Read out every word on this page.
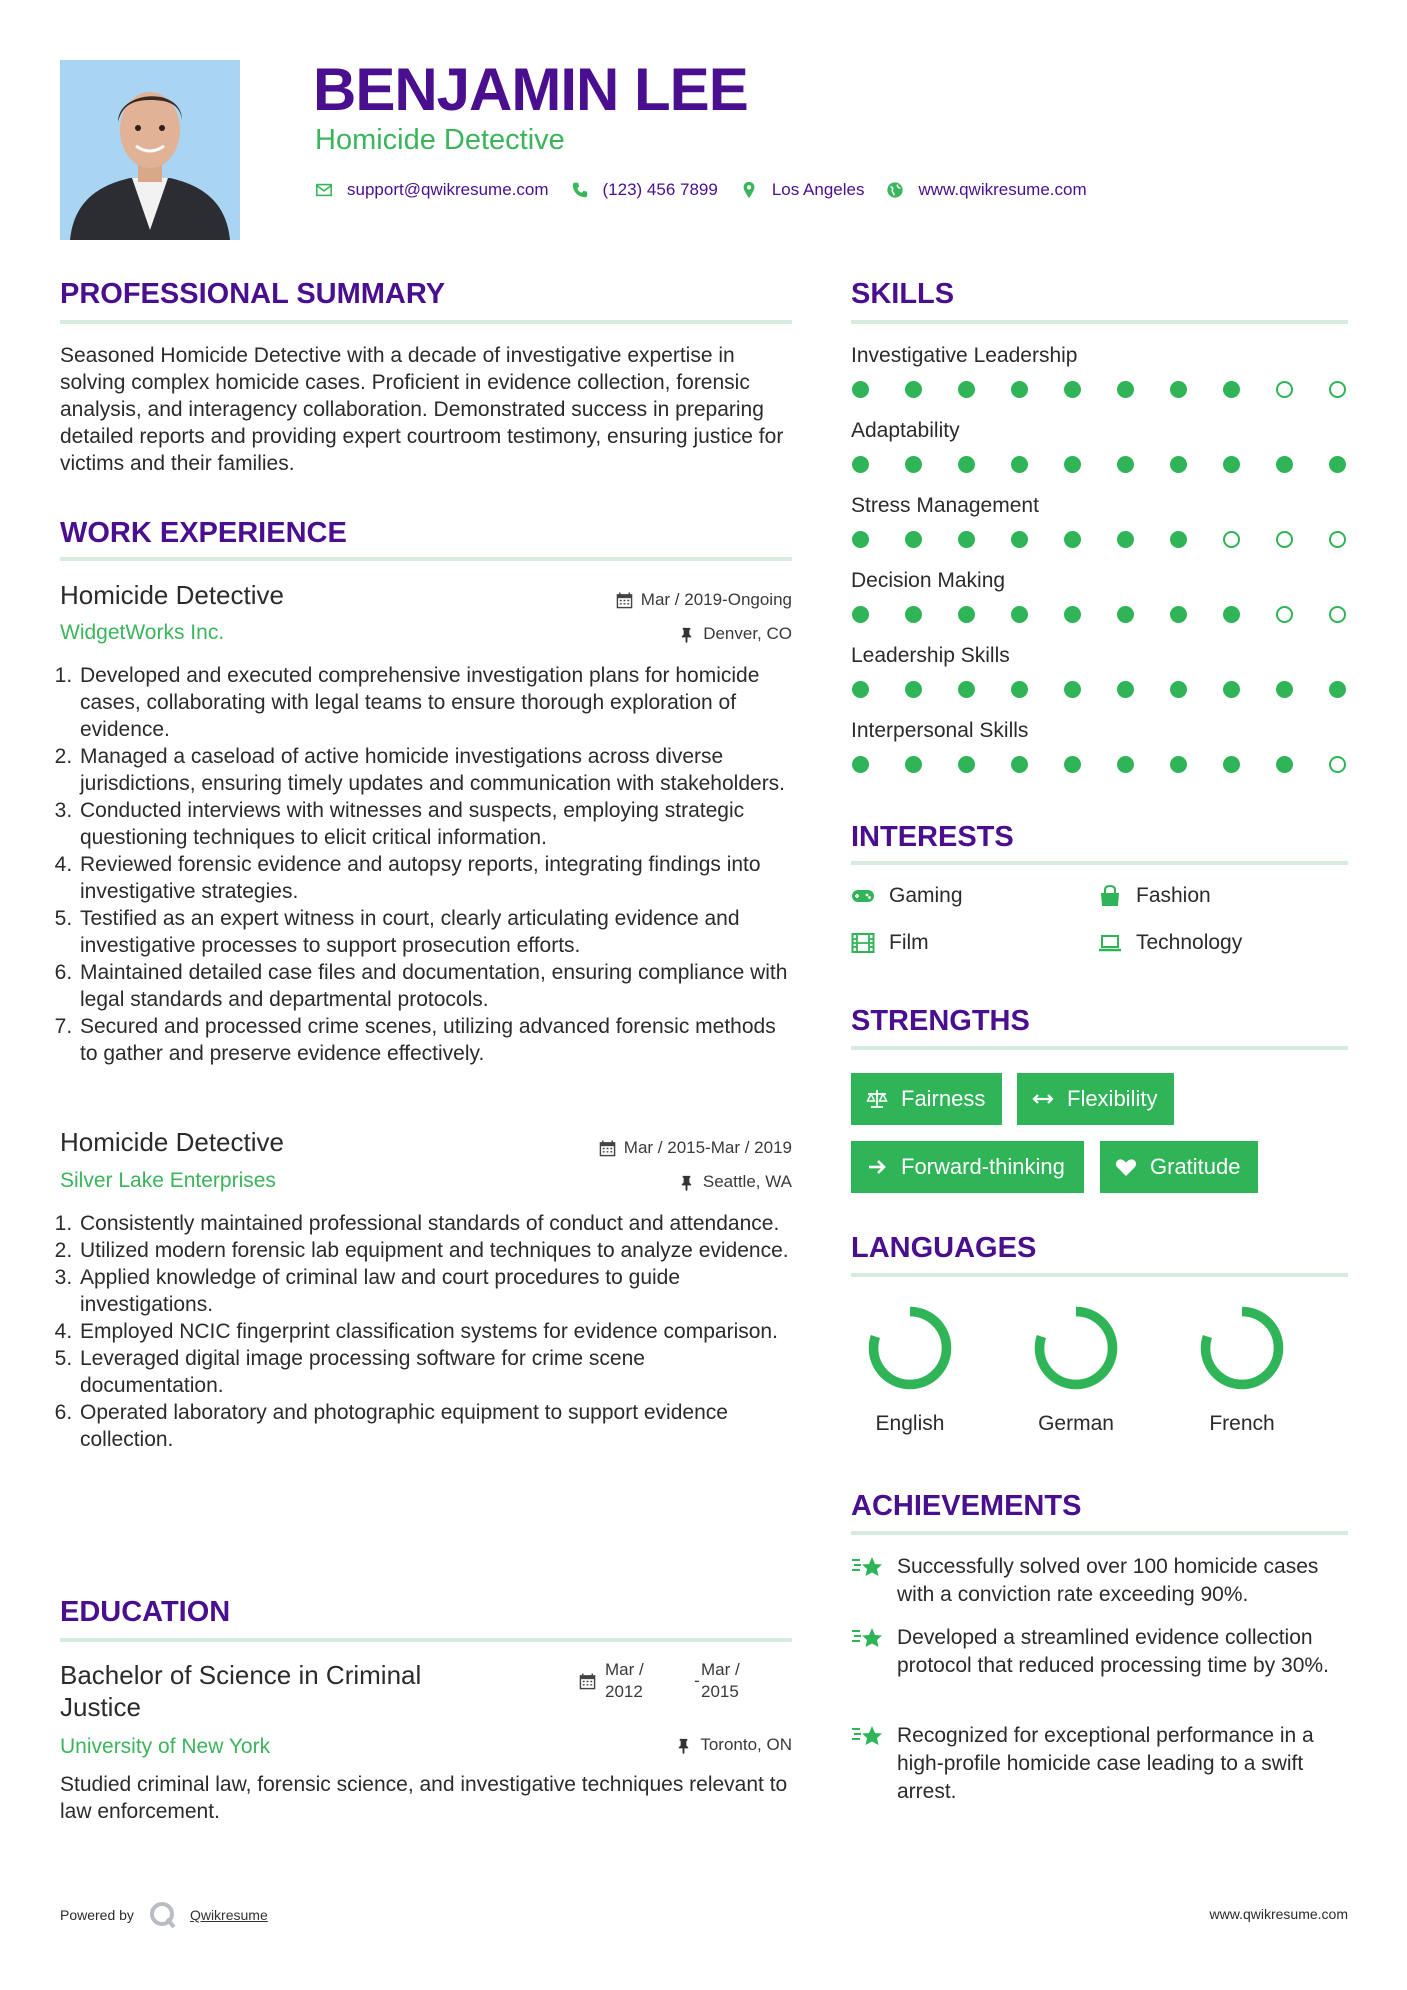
BENJAMIN LEE
Homicide Detective
support@qwikresume.com	(123) 456 7899	Los Angeles	www.qwikresume.com
PROFESSIONAL SUMMARY
Seasoned Homicide Detective with a decade of investigative expertise in solving complex homicide cases. Proficient in evidence collection, forensic analysis, and interagency collaboration. Demonstrated success in preparing detailed reports and providing expert courtroom testimony, ensuring justice for victims and their families.
WORK EXPERIENCE
Homicide Detective	Mar / 2019-Ongoing
WidgetWorks Inc.	Denver, CO
1. Developed and executed comprehensive investigation plans for homicide cases, collaborating with legal teams to ensure thorough exploration of evidence.
2. Managed a caseload of active homicide investigations across diverse jurisdictions, ensuring timely updates and communication with stakeholders.
3. Conducted interviews with witnesses and suspects, employing strategic questioning techniques to elicit critical information.
4. Reviewed forensic evidence and autopsy reports, integrating findings into investigative strategies.
5. Testified as an expert witness in court, clearly articulating evidence and investigative processes to support prosecution efforts.
6. Maintained detailed case files and documentation, ensuring compliance with legal standards and departmental protocols.
7. Secured and processed crime scenes, utilizing advanced forensic methods to gather and preserve evidence effectively.
Homicide Detective	Mar / 2015-Mar / 2019
Silver Lake Enterprises	Seattle, WA
1. Consistently maintained professional standards of conduct and attendance.
2. Utilized modern forensic lab equipment and techniques to analyze evidence.
3. Applied knowledge of criminal law and court procedures to guide investigations.
4. Employed NCIC fingerprint classification systems for evidence comparison.
5. Leveraged digital image processing software for crime scene documentation.
6. Operated laboratory and photographic equipment to support evidence collection.
EDUCATION
Bachelor of Science in Criminal Justice
Mar / 2012
-
Mar / 2015
University of New York	Toronto, ON
Studied criminal law, forensic science, and investigative techniques relevant to law enforcement.
SKILLS
Investigative Leadership
Adaptability
Stress Management
Decision Making
Leadership Skills
Interpersonal Skills
INTERESTS
Gaming	Fashion
Film	Technology
STRENGTHS
Fairness	Flexibility
Forward-thinking	Gratitude
LANGUAGES
English	German	French
ACHIEVEMENTS
Successfully solved over 100 homicide cases with a conviction rate exceeding 90%.
Developed a streamlined evidence collection protocol that reduced processing time by 30%.
Recognized for exceptional performance in a high-profile homicide case leading to a swift arrest.
Powered by	Qwikresume	www.qwikresume.com
